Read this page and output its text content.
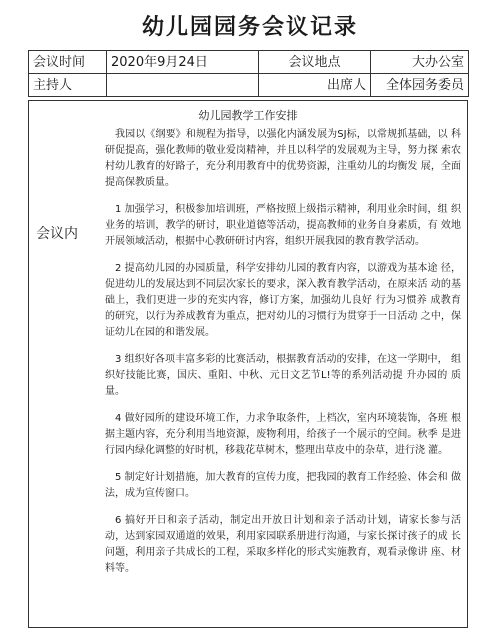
幼儿园园务会议记录
会议时间	2020年9月24日	会议地点	大办公室
主持人		出席人	全体园务委员
幼儿园教学工作安排
会议内

我园以《纲要》和规程为指导，以强化内涵发展为SJ标，以常规抓基础，以 科研促提高，强化教师的敬业爱岗精神，并且以科学的发展观为主导，努力探 索农村幼儿教育的好路子，充分利用教育中的优势资源，注重幼儿的均衡发 展，全面提高保教质量。

1 加强学习，积极参加培训班，严格按照上级指示精神，利用业余时间，组 织业务的培训，教学的研讨，职业道德等活动，提高教师的业务自身素质，有 效地开展领域活动，根据中心教研研讨内容，组织开展我园的教育教学活动。

2 提高幼儿园的办园质量，科学安排幼儿园的教育内容，以游戏为基本途 径，促进幼儿的发展达到不同层次家长的要求，深入教育教学活动，在原来活 动的基础上，我们更进一步的充实内容，修订方案，加强幼儿良好 行为习惯养 成教育的研究，以行为养成教育为重点，把对幼儿的习惯行为贯穿于一日活动 之中，保证幼儿在园的和谐发展。

3 组织好各项丰富多彩的比赛活动，根据教育活动的安排，在这一学期中， 组织好技能比赛，国庆、重阳、中秋、元日文艺节L!等的系列活动提 升办园的 质量。

4 做好园所的建设环境工作，力求争取条件，上档次，室内环境装饰，各班 根据主题内容，充分利用当地资源，废物利用，给孩子一个展示的空间。秋季 是进行园内绿化调整的好时机，移栽花草树木，整理出草皮中的杂草，进行浇 灌。

5 制定好计划措施，加大教育的宣传力度，把我园的教育工作经验、体会和 做法，成为宣传窗口。

6 搞好开日和亲子活动，制定出开放日计划和亲子活动计划，请家长参与活 动，达到家园双通道的效果，利用家园联系册进行沟通，与家长探讨孩子的成 长问题，利用亲子共成长的工程，采取多样化的形式实施教育，观看录像讲 座、材料等。
